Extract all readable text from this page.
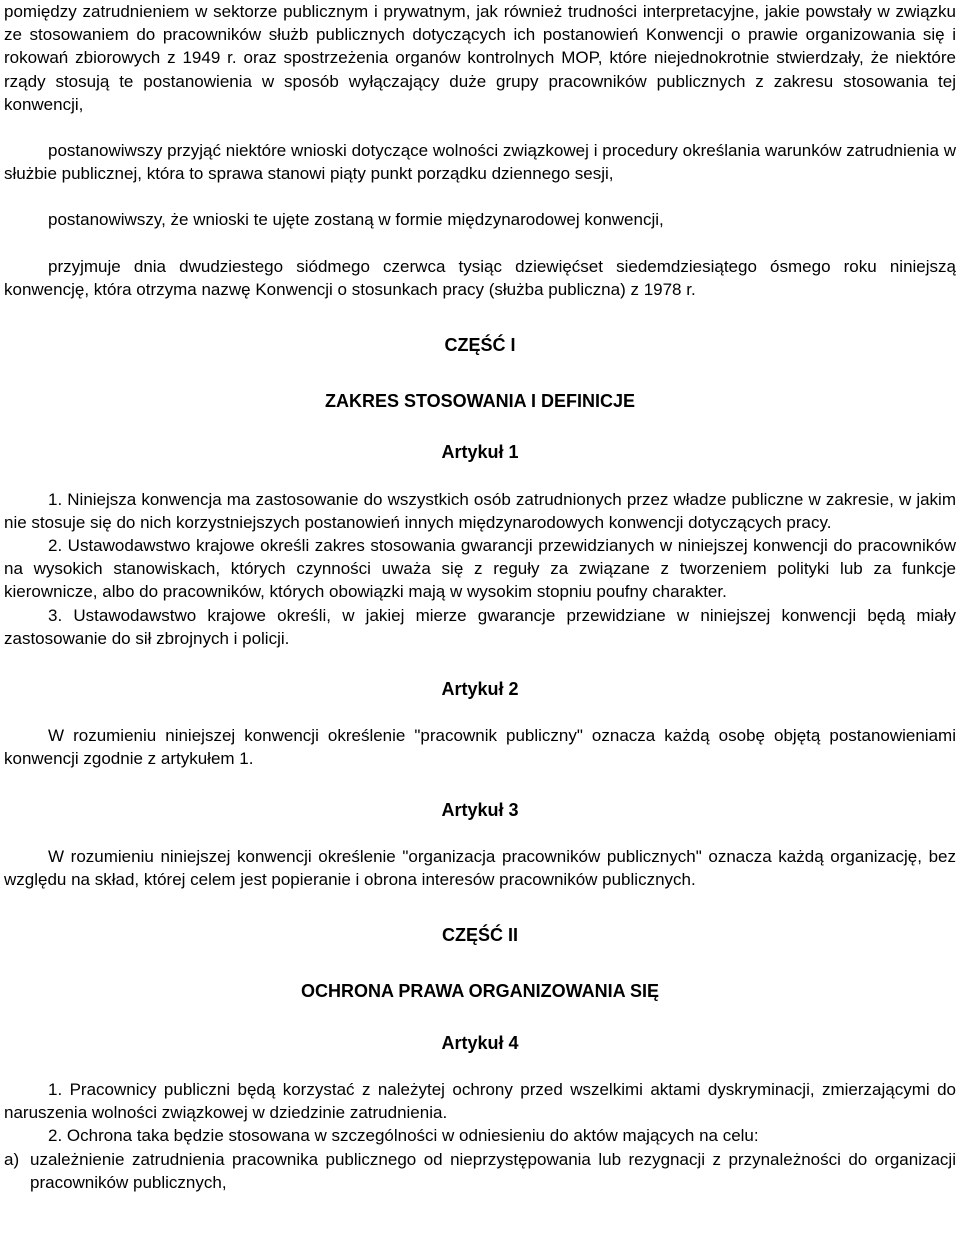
pomiędzy zatrudnieniem w sektorze publicznym i prywatnym, jak również trudności interpretacyjne, jakie powstały w związku ze stosowaniem do pracowników służb publicznych dotyczących ich postanowień Konwencji o prawie organizowania się i rokowań zbiorowych z 1949 r. oraz spostrzeżenia organów kontrolnych MOP, które niejednokrotnie stwierdzały, że niektóre rządy stosują te postanowienia w sposób wyłączający duże grupy pracowników publicznych z zakresu stosowania tej konwencji,

postanowiwszy przyjąć niektóre wnioski dotyczące wolności związkowej i procedury określania warunków zatrudnienia w służbie publicznej, która to sprawa stanowi piąty punkt porządku dziennego sesji,

postanowiwszy, że wnioski te ujęte zostaną w formie międzynarodowej konwencji,

przyjmuje dnia dwudziestego siódmego czerwca tysiąc dziewięćset siedemdziesiątego ósmego roku niniejszą konwencję, która otrzyma nazwę Konwencji o stosunkach pracy (służba publiczna) z 1978 r.

CZĘŚĆ I
ZAKRES STOSOWANIA I DEFINICJE
Artykuł 1

1. Niniejsza konwencja ma zastosowanie do wszystkich osób zatrudnionych przez władze publiczne w zakresie, w jakim nie stosuje się do nich korzystniejszych postanowień innych międzynarodowych konwencji dotyczących pracy.

2. Ustawodawstwo krajowe określi zakres stosowania gwarancji przewidzianych w niniejszej konwencji do pracowników na wysokich stanowiskach, których czynności uważa się z reguły za związane z tworzeniem polityki lub za funkcje kierownicze, albo do pracowników, których obowiązki mają w wysokim stopniu poufny charakter.

3. Ustawodawstwo krajowe określi, w jakiej mierze gwarancje przewidziane w niniejszej konwencji będą miały zastosowanie do sił zbrojnych i policji.

Artykuł 2

W rozumieniu niniejszej konwencji określenie "pracownik publiczny" oznacza każdą osobę objętą postanowieniami konwencji zgodnie z artykułem 1.

Artykuł 3

W rozumieniu niniejszej konwencji określenie "organizacja pracowników publicznych" oznacza każdą organizację, bez względu na skład, której celem jest popieranie i obrona interesów pracowników publicznych.

CZĘŚĆ II
OCHRONA PRAWA ORGANIZOWANIA SIĘ
Artykuł 4

1. Pracownicy publiczni będą korzystać z należytej ochrony przed wszelkimi aktami dyskryminacji, zmierzającymi do naruszenia wolności związkowej w dziedzinie zatrudnienia.

2. Ochrona taka będzie stosowana w szczególności w odniesieniu do aktów mających na celu:

a) uzależnienie zatrudnienia pracownika publicznego od nieprzystępowania lub rezygnacji z przynależności do organizacji pracowników publicznych,
